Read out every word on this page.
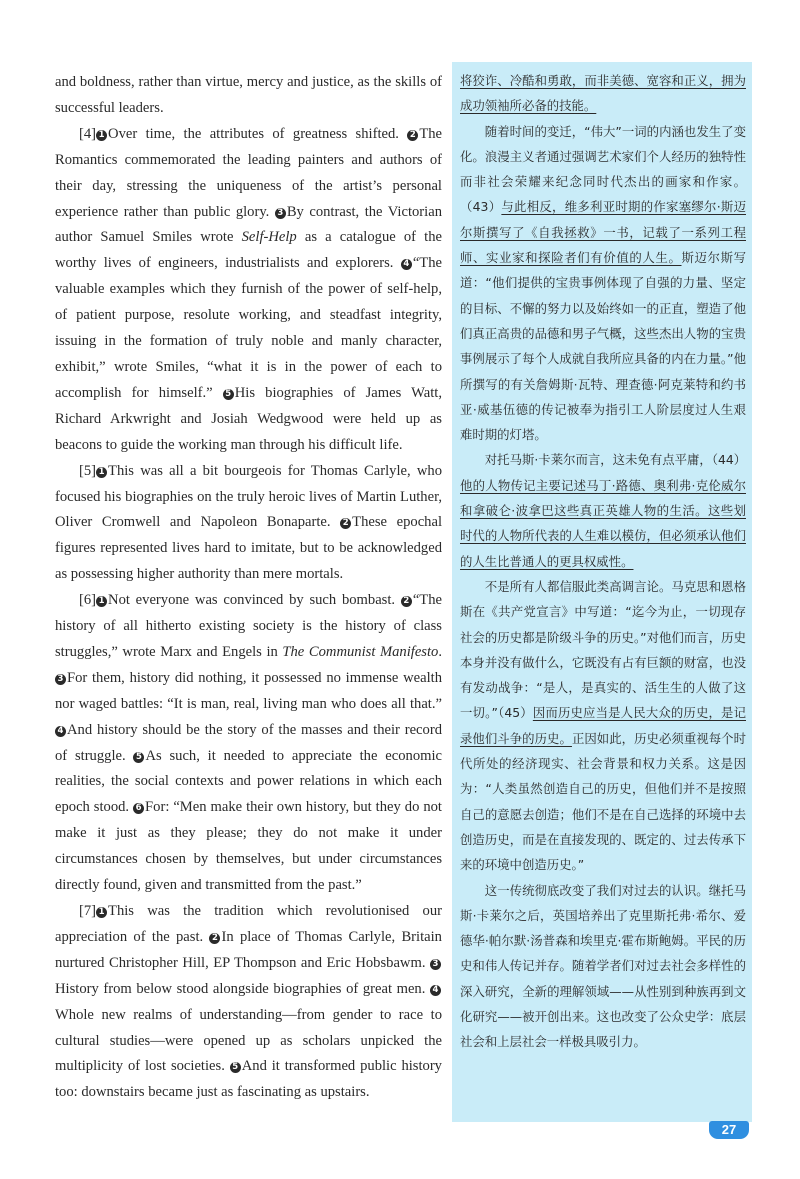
and boldness, rather than virtue, mercy and justice, as the skills of successful leaders.

[4] 1 Over time, the attributes of greatness shifted. 2 The Romantics commemorated the leading painters and authors of their day, stressing the uniqueness of the artist’s personal experience rather than public glory. 3 By contrast, the Victorian author Samuel Smiles wrote Self-Help as a catalogue of the worthy lives of engineers, industrialists and explorers. 4 “The valuable examples which they furnish of the power of self-help, of patient purpose, resolute working, and steadfast integrity, issuing in the formation of truly noble and manly character, exhibit,” wrote Smiles, “what it is in the power of each to accomplish for himself.” 5 His biographies of James Watt, Richard Arkwright and Josiah Wedgwood were held up as beacons to guide the working man through his difficult life.

[5] 1 This was all a bit bourgeois for Thomas Carlyle, who focused his biographies on the truly heroic lives of Martin Luther, Oliver Cromwell and Napoleon Bonaparte. 2 These epochal figures represented lives hard to imitate, but to be acknowledged as possessing higher authority than mere mortals.

[6] 1 Not everyone was convinced by such bombast. 2 “The history of all hitherto existing society is the history of class struggles,” wrote Marx and Engels in The Communist Manifesto. 3 For them, history did nothing, it possessed no immense wealth nor waged battles: “It is man, real, living man who does all that.” 4 And history should be the story of the masses and their record of struggle. 5 As such, it needed to appreciate the economic realities, the social contexts and power relations in which each epoch stood. 6 For: “Men make their own history, but they do not make it just as they please; they do not make it under circumstances chosen by themselves, but under circumstances directly found, given and transmitted from the past.”

[7] 1 This was the tradition which revolutionised our appreciation of the past. 2 In place of Thomas Carlyle, Britain nurtured Christopher Hill, EP Thompson and Eric Hobsbawm. 3History from below stood alongside biographies of great men. 4Whole new realms of understanding—from gender to race to cultural studies—were opened up as scholars unpicked the multiplicity of lost societies. 5 And it transformed public history too: downstairs became just as fascinating as upstairs.

将狡诈、冷酷和勇敢，而非美德、宽容和正义，拥为成功领袖所必备的技能。

随着时间的变迁，“伟大”一词的内涵也发生了变化。浪漫主义者通过强调艺术家们个人经历的独特性而非社会荣耀来纪念同时代杰出的画家和作家。（43）与此相反，维多利亚时期的作家塞缪尔·斯迈尔斯撰写了《自我拯救》一书，记载了一系列工程师、实业家和探险者们有价值的人生。斯迈尔斯写道：“他们提供的宝贵事例体现了自强的力量、坚定的目标、不懈的努力以及始终如一的正直，塑造了他们真正高贵的品德和男子气概，这些杰出人物的宝贵事例展示了每个人成就自我所应具备的内在力量。”他所撰写的有关詹姆斯·瓦特、理查德·阿克莱特和约书亚·威基伍德的传记被奉为指引工人阶层度过人生艰难时期的灯塔。

对托马斯·卡莱尔而言，这未免有点平庸，（44）他的人物传记主要记述马丁·路德、奥利弗·克伦威尔和拿破仑·波拿巴这些真正英雄人物的生活。这些划时代的人物所代表的人生难以模仿，但必须承认他们的人生比普通人的更具权威性。

不是所有人都信服此类高调言论。马克思和恩格斯在《共产党宣言》中写道：“迄今为止，一切现存社会的历史都是阶级斗争的历史。”对他们而言，历史本身并没有做什么，它既没有占有巨额的财富，也没有发动战争：“是人，是真实的、活生生的人做了这一切。”（45）因而历史应当是人民大众的历史，是记录他们斗争的历史。正因如此，历史必须重视每个时代所处的经济现实、社会背景和权力关系。这是因为：“人类虽然创造自己的历史，但他们并不是按照自己的意愿去创造；他们不是在自己选择的环境中去创造历史，而是在直接发现的、既定的、过去传承下来的环境中创造历史。”

这一传统彻底改变了我们对过去的认识。继托马斯·卡莱尔之后，英国培养出了克里斯托弗·希尔、爱德华·帕尔默·汤普森和埃里克·霍布斯鲍姆。平民的历史和伟人传记并存。随着学者们对过去社会多样性的深入研究，全新的理解领域——从性别到种族再到文化研究——被开创出来。这也改变了公众史学：底层社会和上层社会一样极具吸引力。

27
